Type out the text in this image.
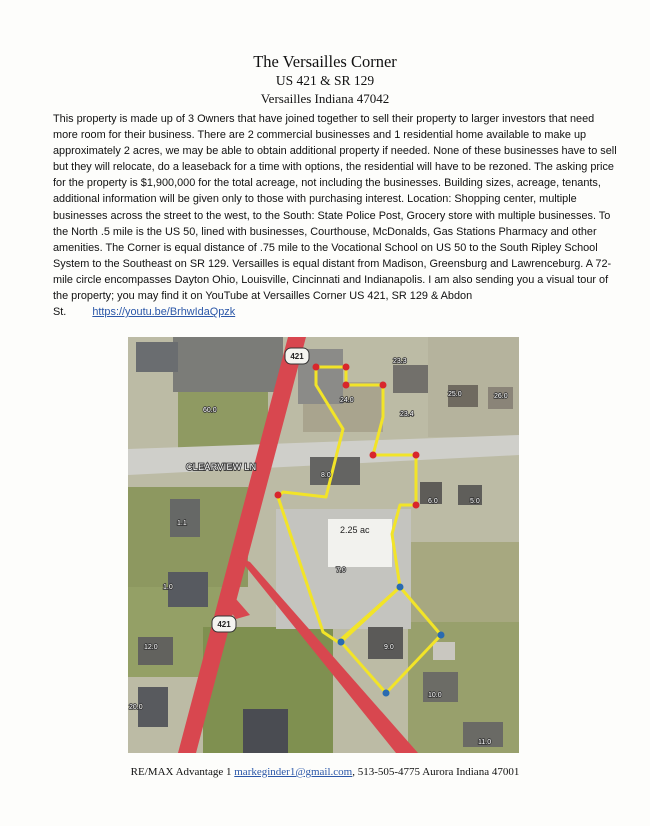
The Versailles Corner
US 421 & SR 129
Versailles Indiana 47042
This property is made up of 3 Owners that have joined together to sell their property to larger investors that need more room for their business. There are 2 commercial businesses and 1 residential home available to make up approximately 2 acres, we may be able to obtain additional property if needed. None of these businesses have to sell but they will relocate, do a leaseback for a time with options, the residential will have to be rezoned. The asking price for the property is $1,900,000 for the total acreage, not including the businesses. Building sizes, acreage, tenants, additional information will be given only to those with purchasing interest. Location: Shopping center, multiple businesses across the street to the west, to the South: State Police Post, Grocery store with multiple businesses. To the North .5 mile is the US 50, lined with businesses, Courthouse, McDonalds, Gas Stations Pharmacy and other amenities. The Corner is equal distance of .75 mile to the Vocational School on US 50 to the South Ripley School System to the Southeast on SR 129. Versailles is equal distant from Madison, Greensburg and Lawrenceburg. A 72-mile circle encompasses Dayton Ohio, Louisville, Cincinnati and Indianapolis. I am also sending you a visual tour of the property; you may find it on YouTube at Versailles Corner US 421, SR 129 & Abdon St. https://youtu.be/BrhwIdaQpzk
421
421
CLEARVIEW LN
2.25 ac
23.3
24.0
23.4
25.0	26.0
60.0
8.0
6.0	5.0
1.1
7.0
1.0
12.0	9.0
10.0
20.0
11.0
RE/MAX Advantage 1 markeginder1@gmail.com, 513-505-4775 Aurora Indiana 47001
